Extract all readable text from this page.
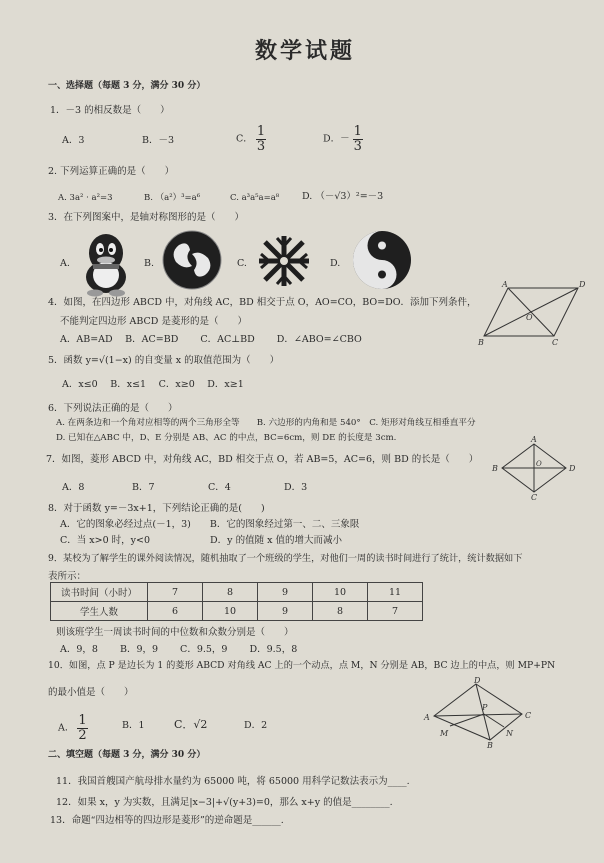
数学试题
一、选择题（每题 3 分，满分 30 分）
1．－3 的相反数是（　　）
A．3	B．－3	C． $\frac{1}{3}$	D．－ $\frac{1}{3}$
2. 下列运算正确的是（　　）
A. 3a² · a²=3	B. （a²）³=a⁶	C. a³a⁵a=a⁸ D. （－√3）²=－3
3．在下列图案中，是轴对称图形的是（　　）
A.	B.	C.	D.
4．如图，在四边形 ABCD 中，对角线 AC，BD 相交于点 O，AO=CO，BO=DO．添加下列条件，
不能判定四边形 ABCD 是菱形的是（　　）
A．AB=AD　 B．AC=BD　　 C．AC⊥BD　　 D．∠ABO=∠CBO
A	D
B	C
O
5．函数 y=√(1−x) 的自变量 x 的取值范围为（　　）
A．x≤0　 B．x≤1　 C．x≥0　 D．x≥1
6．下列说法正确的是（　　）
A. 在两条边和一个角对应相等的两个三角形全等　　B. 六边形的内角和是 540°　C. 矩形对角线互相垂直平分
D. 已知在△ABC 中，D、E 分别是 AB、AC 的中点，BC=6cm，则 DE 的长度是 3cm.
7．如图，菱形 ABCD 中，对角线 AC，BD 相交于点 O，若 AB=5，AC=6，则 BD 的长是（　　）
A．8	B．7	C．4	D．3
A
B	D
C
O
8．对于函数 y=－3x+1，下列结论正确的是(　　)
A．它的图象必经过点(－1，3)　　B．它的图象经过第一、二、三象限
C．当 x>0 时，y<0　　　　　　 D．y 的值随 x 值的增大而减小
9．某校为了解学生的课外阅读情况，随机抽取了一个班级的学生，对他们一周的读书时间进行了统计，统计数据如下
表所示：
读书时间（小时）	7	8	9	10	11
学生人数	6	10	9	8	7
则该班学生一周读书时间的中位数和众数分别是（　　）
A．9，8　　 B．9，9　　 C．9.5，9　　 D．9.5，8
10．如图，点 P 是边长为 1 的菱形 ABCD 对角线 AC 上的一个动点，点 M，N 分别是 AB，BC 边上的中点，则 MP+PN
的最小值是（　　）
A． $\frac{1}{2}$	B．1	C．√2	D．2
D
A	C
B
M	N
P
二、填空题（每题 3 分，满分 30 分）
11．我国首艘国产航母排水量约为 65000 吨，将 65000 用科学记数法表示为____.
12．如果 x，y 为实数，且满足|x−3|+√(y+3)=0，那么 x+y 的值是________.
13．命题“四边相等的四边形是菱形”的逆命题是______.
